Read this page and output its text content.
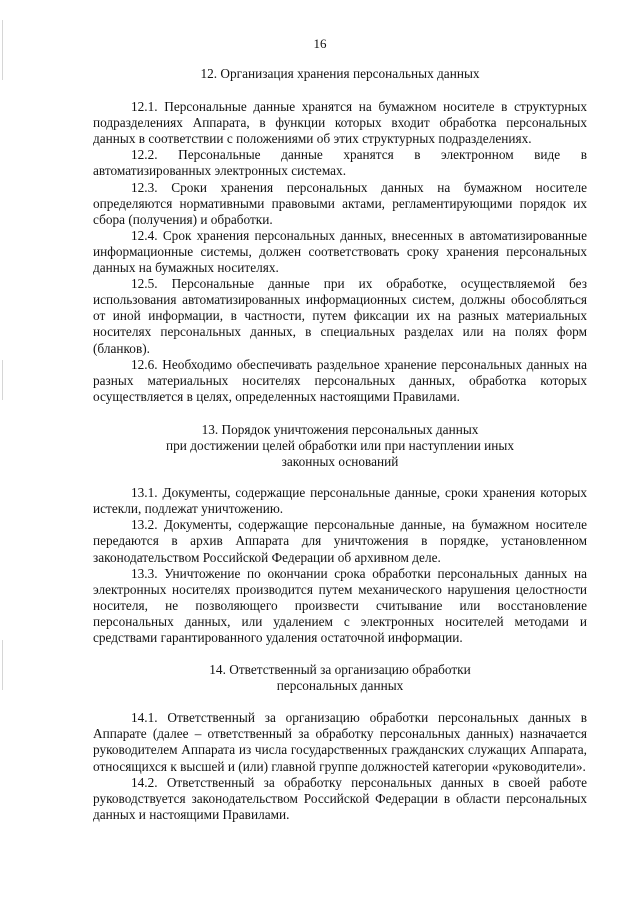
16
12. Организация хранения персональных данных

12.1. Персональные данные хранятся на бумажном носителе в структурных подразделениях Аппарата, в функции которых входит обработка персональных данных в соответствии с положениями об этих структурных подразделениях.

12.2. Персональные данные хранятся в электронном виде в автоматизированных электронных системах.

12.3. Сроки хранения персональных данных на бумажном носителе определяются нормативными правовыми актами, регламентирующими порядок их сбора (получения) и обработки.

12.4. Срок хранения персональных данных, внесенных в автоматизированные информационные системы, должен соответствовать сроку хранения персональных данных на бумажных носителях.

12.5. Персональные данные при их обработке, осуществляемой без использования автоматизированных информационных систем, должны обособляться от иной информации, в частности, путем фиксации их на разных материальных носителях персональных данных, в специальных разделах или на полях форм (бланков).

12.6. Необходимо обеспечивать раздельное хранение персональных данных на разных материальных носителях персональных данных, обработка которых осуществляется в целях, определенных настоящими Правилами.

13. Порядок уничтожения персональных данных
при достижении целей обработки или при наступлении иных
законных оснований

13.1. Документы, содержащие персональные данные, сроки хранения которых истекли, подлежат уничтожению.

13.2. Документы, содержащие персональные данные, на бумажном носителе передаются в архив Аппарата для уничтожения в порядке, установленном законодательством Российской Федерации об архивном деле.

13.3. Уничтожение по окончании срока обработки персональных данных на электронных носителях производится путем механического нарушения целостности носителя, не позволяющего произвести считывание или восстановление персональных данных, или удалением с электронных носителей методами и средствами гарантированного удаления остаточной информации.

14. Ответственный за организацию обработки
персональных данных

14.1. Ответственный за организацию обработки персональных данных в Аппарате (далее – ответственный за обработку персональных данных) назначается руководителем Аппарата из числа государственных гражданских служащих Аппарата, относящихся к высшей и (или) главной группе должностей категории «руководители».

14.2. Ответственный за обработку персональных данных в своей работе руководствуется законодательством Российской Федерации в области персональных данных и настоящими Правилами.
